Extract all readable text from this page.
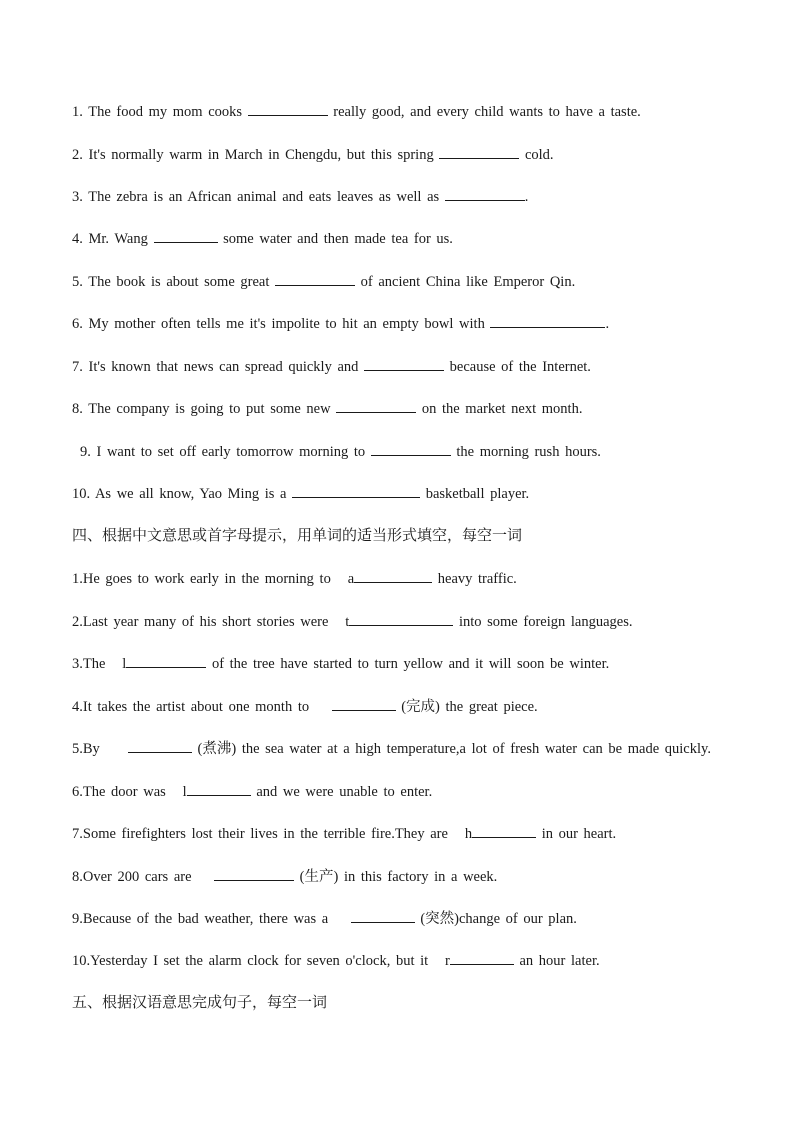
1. The food my mom cooks	really good, and every child wants to have a taste.
2. It's normally warm in March in Chengdu, but this spring	cold.
3. The zebra is an African animal and eats leaves as well as	.
4. Mr. Wang	some water and then made tea for us.
5. The book is about some great	of ancient China like Emperor Qin.
6. My mother often tells me it's impolite to hit an empty bowl with	.
7. It's known that news can spread quickly and	because of the Internet.
8. The company is going to put some new	on the market next month.
9. I want to set off early tomorrow morning to	the morning rush hours.
10. As we all know, Yao Ming is a	basketball player.
四、根据中文意思或首字母提示，用单词的适当形式填空，每空一词
1.He goes to work early in the morning to a	heavy traffic.
2.Last year many of his short stories were t	into some foreign languages.
3.The l	of the tree have started to turn yellow and it will soon be winter.
4.It takes the artist about one month to	(完成) the great piece.
5.By	(煮沸) the sea water at a high temperature,a lot of fresh water can be made quickly.
6.The door was l	and we were unable to enter.
7.Some firefighters lost their lives in the terrible fire.They are h	in our heart.
8.Over 200 cars are	(生产) in this factory in a week.
9.Because of the bad weather, there was a	(突然)change of our plan.
10.Yesterday I set the alarm clock for seven o'clock, but it r	an hour later.
五、根据汉语意思完成句子，每空一词
